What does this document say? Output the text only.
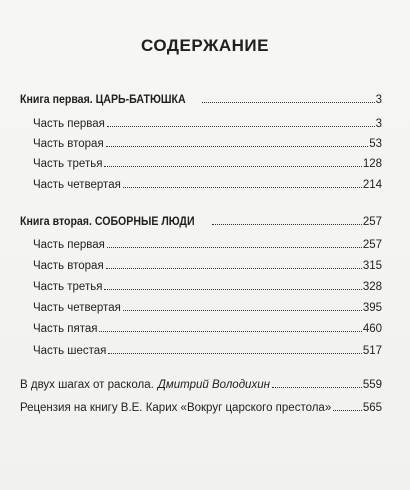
СОДЕРЖАНИЕ
Книга первая. ЦАРЬ-БАТЮШКА	3
Часть первая	3
Часть вторая	53
Часть третья	128
Часть четвертая	214
Книга вторая. СОБОРНЫЕ ЛЮДИ	257
Часть первая	257
Часть вторая	315
Часть третья	328
Часть четвертая	395
Часть пятая	460
Часть шестая	517
В двух шагах от раскола. Дмитрий Володихин	559
Рецензия на книгу В.Е. Карих «Вокруг царского престола»	565
